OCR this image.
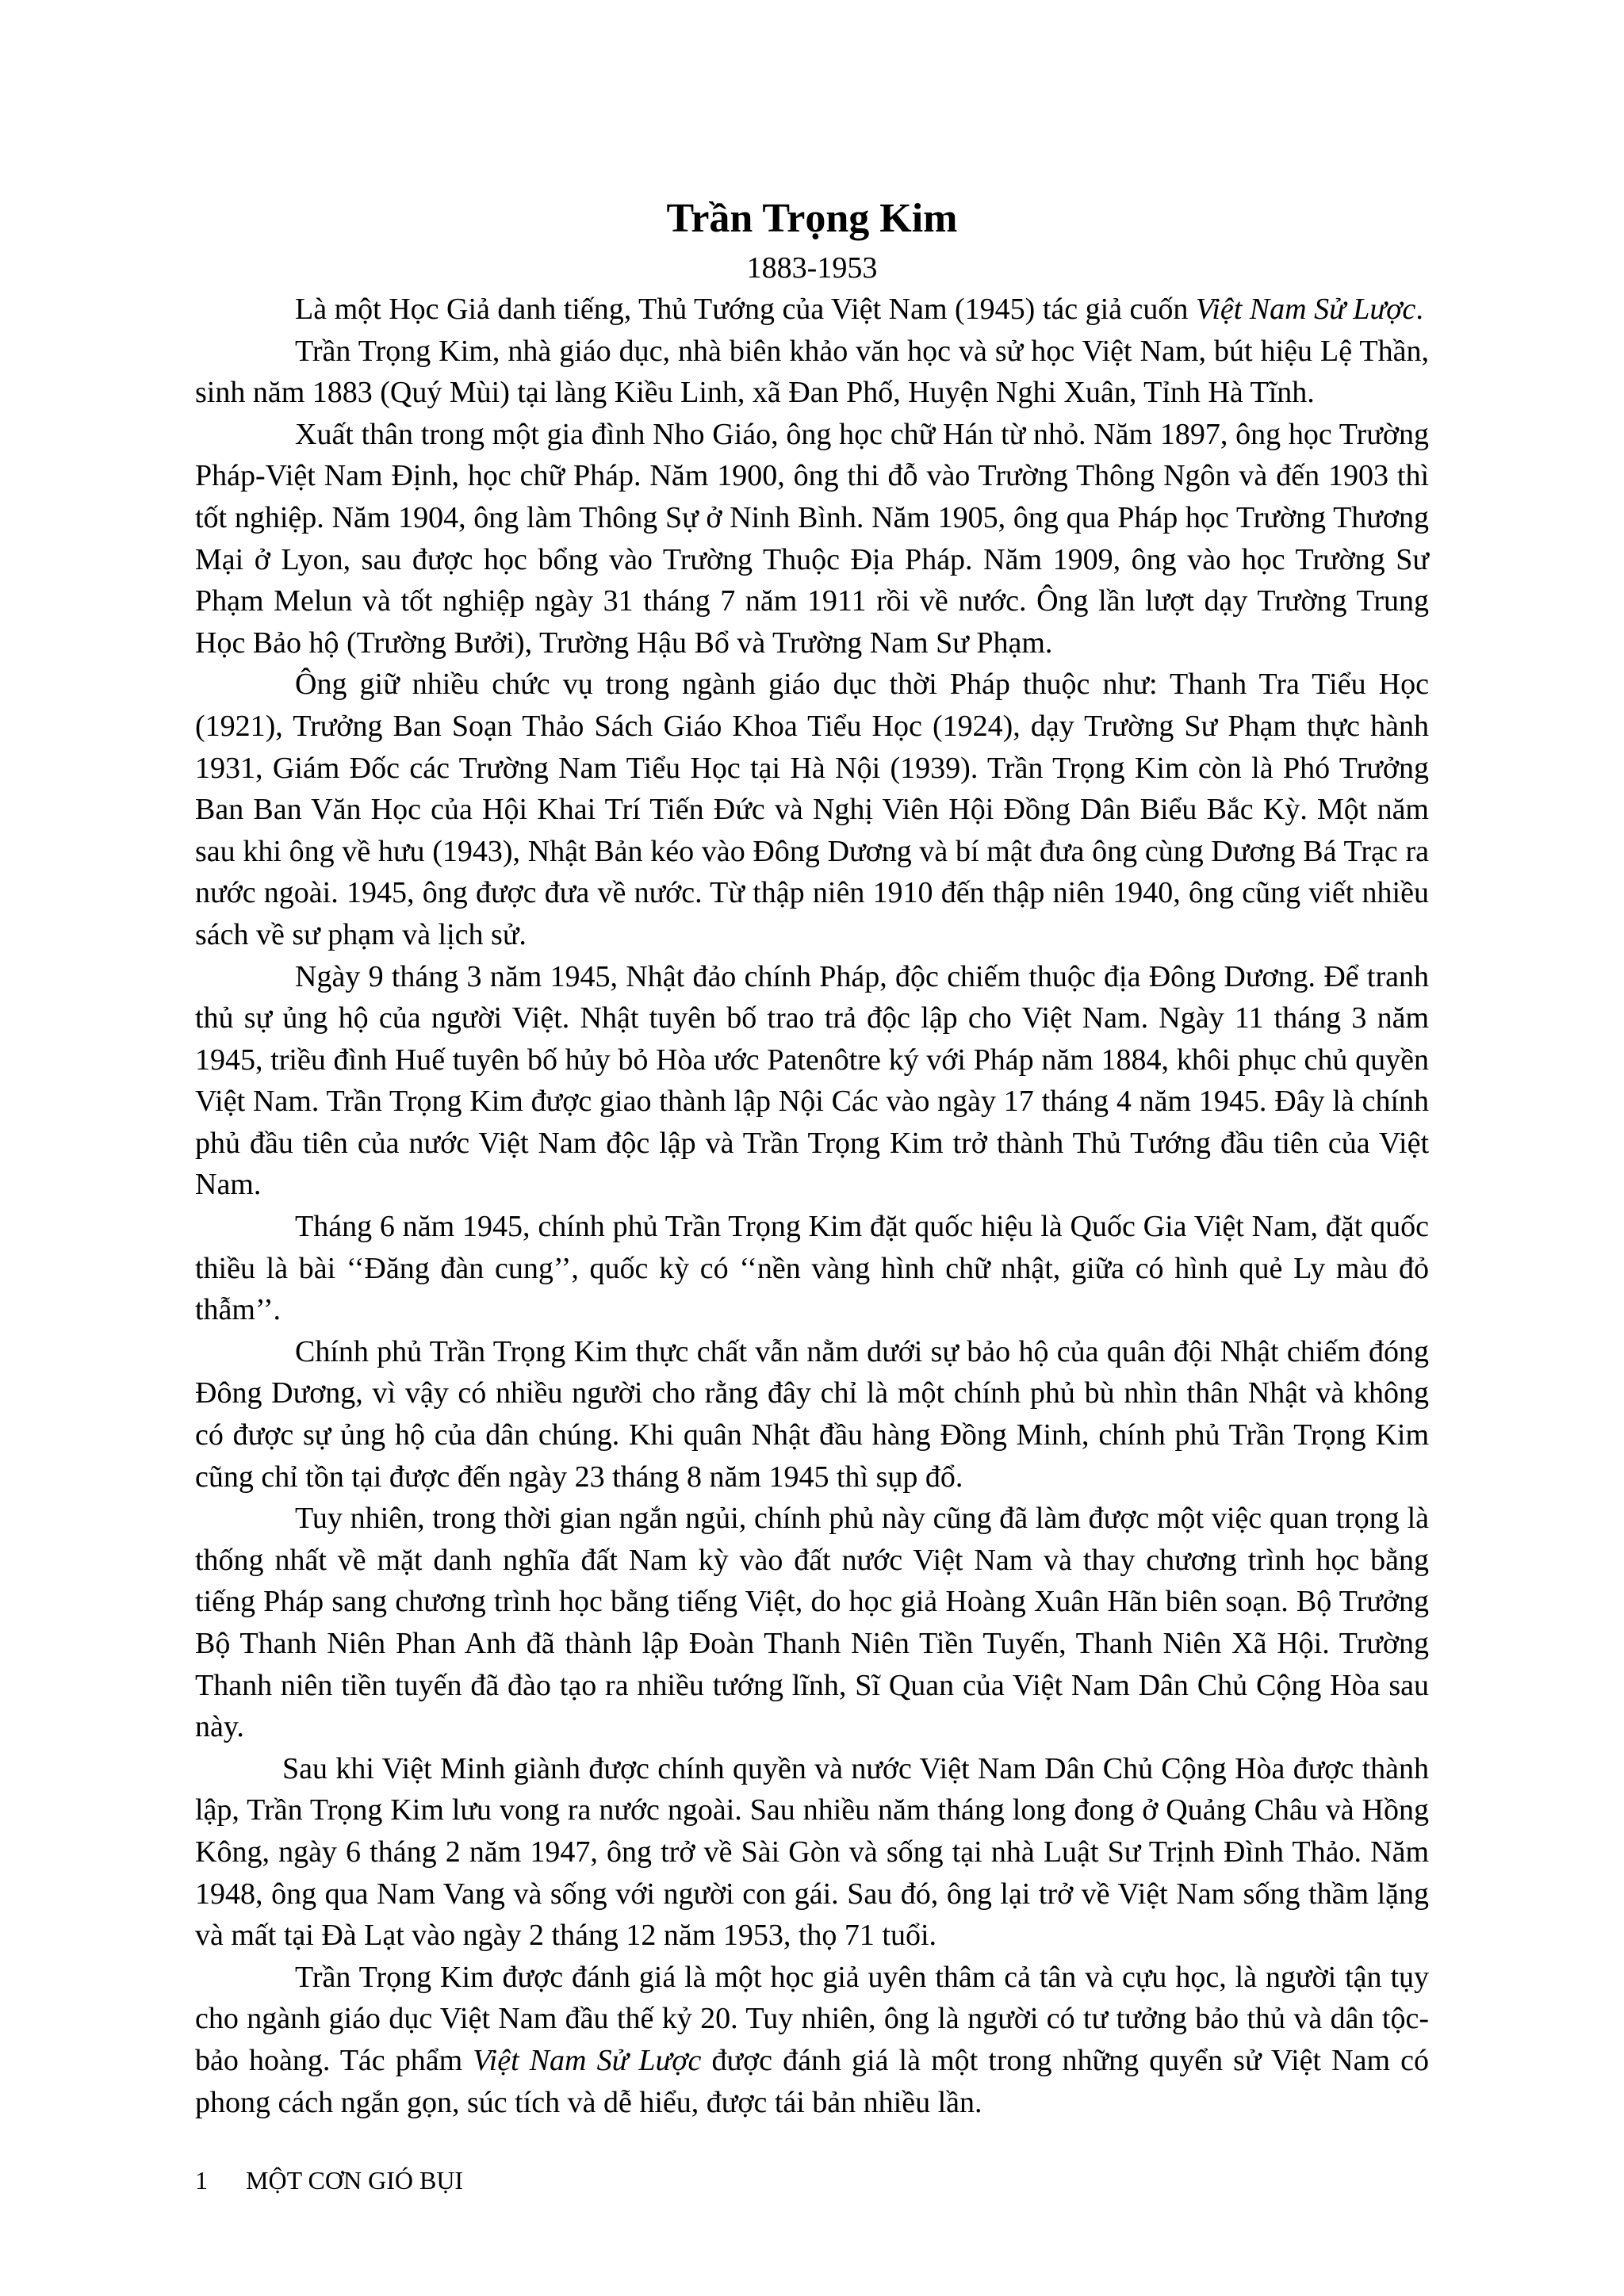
Trần Trọng Kim

1883-1953

Là một Học Giả danh tiếng, Thủ Tướng của Việt Nam (1945) tác giả cuốn Việt Nam Sử Lược.

Trần Trọng Kim, nhà giáo dục, nhà biên khảo văn học và sử học Việt Nam, bút hiệu Lệ Thần, sinh năm 1883 (Quý Mùi) tại làng Kiều Linh, xã Đan Phố, Huyện Nghi Xuân, Tỉnh Hà Tĩnh.

Xuất thân trong một gia đình Nho Giáo, ông học chữ Hán từ nhỏ. Năm 1897, ông học Trường Pháp-Việt Nam Định, học chữ Pháp. Năm 1900, ông thi đỗ vào Trường Thông Ngôn và đến 1903 thì tốt nghiệp. Năm 1904, ông làm Thông Sự ở Ninh Bình. Năm 1905, ông qua Pháp học Trường Thương Mại ở Lyon, sau được học bổng vào Trường Thuộc Địa Pháp. Năm 1909, ông vào học Trường Sư Phạm Melun và tốt nghiệp ngày 31 tháng 7 năm 1911 rồi về nước. Ông lần lượt dạy Trường Trung Học Bảo hộ (Trường Bưởi), Trường Hậu Bổ và Trường Nam Sư Phạm.

Ông giữ nhiều chức vụ trong ngành giáo dục thời Pháp thuộc như: Thanh Tra Tiểu Học (1921), Trưởng Ban Soạn Thảo Sách Giáo Khoa Tiểu Học (1924), dạy Trường Sư Phạm thực hành 1931, Giám Đốc các Trường Nam Tiểu Học tại Hà Nội (1939). Trần Trọng Kim còn là Phó Trưởng Ban Ban Văn Học của Hội Khai Trí Tiến Đức và Nghị Viên Hội Đồng Dân Biểu Bắc Kỳ. Một năm sau khi ông về hưu (1943), Nhật Bản kéo vào Đông Dương và bí mật đưa ông cùng Dương Bá Trạc ra nước ngoài. 1945, ông được đưa về nước. Từ thập niên 1910 đến thập niên 1940, ông cũng viết nhiều sách về sư phạm và lịch sử.

Ngày 9 tháng 3 năm 1945, Nhật đảo chính Pháp, độc chiếm thuộc địa Đông Dương. Để tranh thủ sự ủng hộ của người Việt. Nhật tuyên bố trao trả độc lập cho Việt Nam. Ngày 11 tháng 3 năm 1945, triều đình Huế tuyên bố hủy bỏ Hòa ước Patenôtre ký với Pháp năm 1884, khôi phục chủ quyền Việt Nam. Trần Trọng Kim được giao thành lập Nội Các vào ngày 17 tháng 4 năm 1945. Đây là chính phủ đầu tiên của nước Việt Nam độc lập và Trần Trọng Kim trở thành Thủ Tướng đầu tiên của Việt Nam.

Tháng 6 năm 1945, chính phủ Trần Trọng Kim đặt quốc hiệu là Quốc Gia Việt Nam, đặt quốc thiều là bài ‘‘Đăng đàn cung’’, quốc kỳ có ‘‘nền vàng hình chữ nhật, giữa có hình quẻ Ly màu đỏ thẫm’’.

Chính phủ Trần Trọng Kim thực chất vẫn nằm dưới sự bảo hộ của quân đội Nhật chiếm đóng Đông Dương, vì vậy có nhiều người cho rằng đây chỉ là một chính phủ bù nhìn thân Nhật và không có được sự ủng hộ của dân chúng. Khi quân Nhật đầu hàng Đồng Minh, chính phủ Trần Trọng Kim cũng chỉ tồn tại được đến ngày 23 tháng 8 năm 1945 thì sụp đổ.

Tuy nhiên, trong thời gian ngắn ngủi, chính phủ này cũng đã làm được một việc quan trọng là thống nhất về mặt danh nghĩa đất Nam kỳ vào đất nước Việt Nam và thay chương trình học bằng tiếng Pháp sang chương trình học bằng tiếng Việt, do học giả Hoàng Xuân Hãn biên soạn. Bộ Trưởng Bộ Thanh Niên Phan Anh đã thành lập Đoàn Thanh Niên Tiền Tuyến, Thanh Niên Xã Hội. Trường Thanh niên tiền tuyến đã đào tạo ra nhiều tướng lĩnh, Sĩ Quan của Việt Nam Dân Chủ Cộng Hòa sau này.

Sau khi Việt Minh giành được chính quyền và nước Việt Nam Dân Chủ Cộng Hòa được thành lập, Trần Trọng Kim lưu vong ra nước ngoài. Sau nhiều năm tháng long đong ở Quảng Châu và Hồng Kông, ngày 6 tháng 2 năm 1947, ông trở về Sài Gòn và sống tại nhà Luật Sư Trịnh Đình Thảo. Năm 1948, ông qua Nam Vang và sống với người con gái. Sau đó, ông lại trở về Việt Nam sống thầm lặng và mất tại Đà Lạt vào ngày 2 tháng 12 năm 1953, thọ 71 tuổi.

Trần Trọng Kim được đánh giá là một học giả uyên thâm cả tân và cựu học, là người tận tụy cho ngành giáo dục Việt Nam đầu thế kỷ 20. Tuy nhiên, ông là người có tư tưởng bảo thủ và dân tộc-bảo hoàng. Tác phẩm Việt Nam Sử Lược được đánh giá là một trong những quyển sử Việt Nam có phong cách ngắn gọn, súc tích và dễ hiểu, được tái bản nhiều lần.

1 MỘT CƠN GIÓ BỤI
